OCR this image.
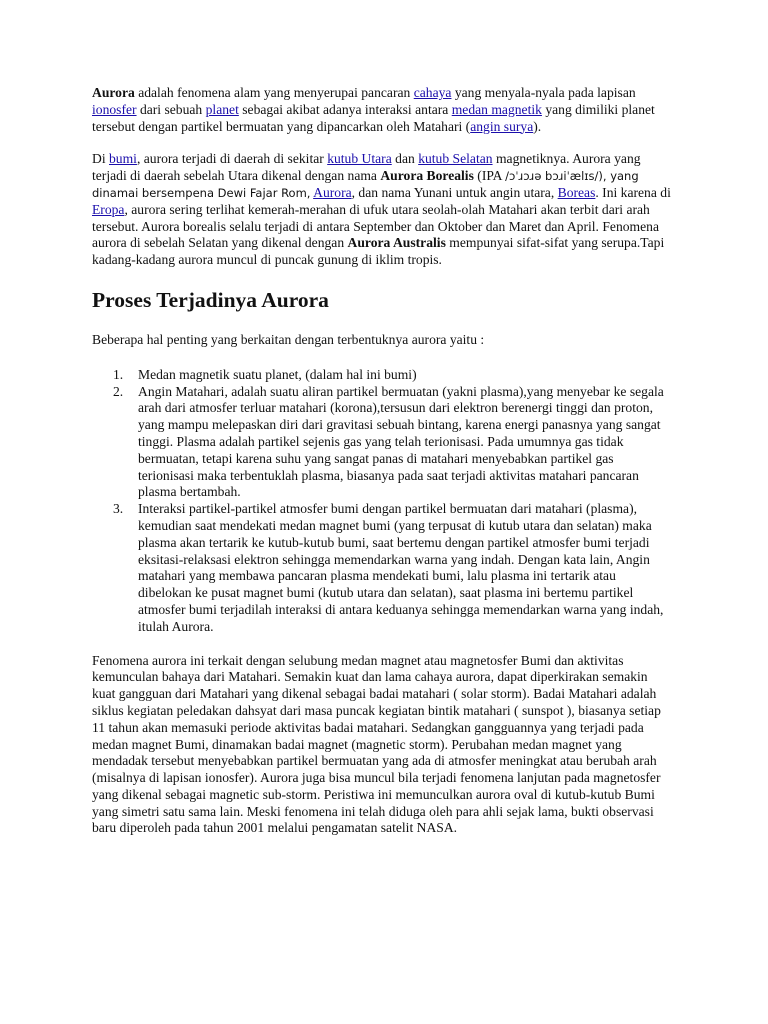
Aurora adalah fenomena alam yang menyerupai pancaran cahaya yang menyala-nyala pada lapisan ionosfer dari sebuah planet sebagai akibat adanya interaksi antara medan magnetik yang dimiliki planet tersebut dengan partikel bermuatan yang dipancarkan oleh Matahari (angin surya).

Di bumi, aurora terjadi di daerah di sekitar kutub Utara dan kutub Selatan magnetiknya. Aurora yang terjadi di daerah sebelah Utara dikenal dengan nama Aurora Borealis (IPA /ɔˈɹɔɹə bɔɹiˈælɪs/), yang dinamai bersempena Dewi Fajar Rom, Aurora, dan nama Yunani untuk angin utara, Boreas. Ini karena di Eropa, aurora sering terlihat kemerah-merahan di ufuk utara seolah-olah Matahari akan terbit dari arah tersebut. Aurora borealis selalu terjadi di antara September dan Oktober dan Maret dan April. Fenomena aurora di sebelah Selatan yang dikenal dengan Aurora Australis mempunyai sifat-sifat yang serupa.Tapi kadang-kadang aurora muncul di puncak gunung di iklim tropis.

Proses Terjadinya Aurora

Beberapa hal penting yang berkaitan dengan terbentuknya aurora yaitu :

1. Medan magnetik suatu planet, (dalam hal ini bumi)
2. Angin Matahari, adalah suatu aliran partikel bermuatan (yakni plasma),yang menyebar ke segala arah dari atmosfer terluar matahari (korona),tersusun dari elektron berenergi tinggi dan proton, yang mampu melepaskan diri dari gravitasi sebuah bintang, karena energi panasnya yang sangat tinggi. Plasma adalah partikel sejenis gas yang telah terionisasi. Pada umumnya gas tidak bermuatan, tetapi karena suhu yang sangat panas di matahari menyebabkan partikel gas terionisasi maka terbentuklah plasma, biasanya pada saat terjadi aktivitas matahari pancaran plasma bertambah.
3. Interaksi partikel-partikel atmosfer bumi dengan partikel bermuatan dari matahari (plasma), kemudian saat mendekati medan magnet bumi (yang terpusat di kutub utara dan selatan) maka plasma akan tertarik ke kutub-kutub bumi, saat bertemu dengan partikel atmosfer bumi terjadi eksitasi-relaksasi elektron sehingga memendarkan warna yang indah. Dengan kata lain, Angin matahari yang membawa pancaran plasma mendekati bumi, lalu plasma ini tertarik atau dibelokan ke pusat magnet bumi (kutub utara dan selatan), saat plasma ini bertemu partikel atmosfer bumi terjadilah interaksi di antara keduanya sehingga memendarkan warna yang indah, itulah Aurora.

Fenomena aurora ini terkait dengan selubung medan magnet atau magnetosfer Bumi dan aktivitas kemunculan bahaya dari Matahari. Semakin kuat dan lama cahaya aurora, dapat diperkirakan semakin kuat gangguan dari Matahari yang dikenal sebagai badai matahari ( solar storm). Badai Matahari adalah siklus kegiatan peledakan dahsyat dari masa puncak kegiatan bintik matahari ( sunspot ), biasanya setiap 11 tahun akan memasuki periode aktivitas badai matahari. Sedangkan gangguannya yang terjadi pada medan magnet Bumi, dinamakan badai magnet (magnetic storm). Perubahan medan magnet yang mendadak tersebut menyebabkan partikel bermuatan yang ada di atmosfer meningkat atau berubah arah (misalnya di lapisan ionosfer). Aurora juga bisa muncul bila terjadi fenomena lanjutan pada magnetosfer yang dikenal sebagai magnetic sub-storm. Peristiwa ini memunculkan aurora oval di kutub-kutub Bumi yang simetri satu sama lain. Meski fenomena ini telah diduga oleh para ahli sejak lama, bukti observasi baru diperoleh pada tahun 2001 melalui pengamatan satelit NASA.
